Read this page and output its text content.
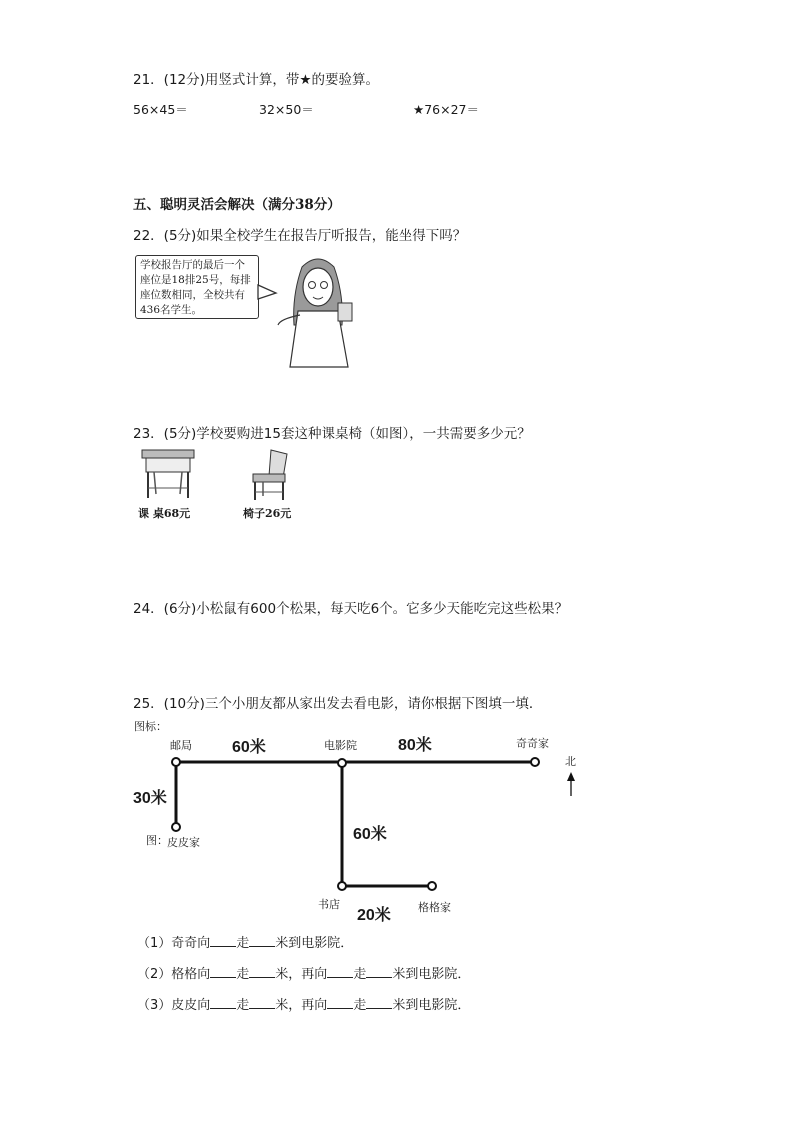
21．(12分)用竖式计算，带★的要验算。
56×45＝	32×50＝	★76×27＝
五、聪明灵活会解决（满分38分）
22．(5分)如果全校学生在报告厅听报告，能坐得下吗？
学校报告厅的最后一个座位是18排25号，每排座位数相同，全校共有436名学生。
23．(5分)学校要购进15套这种课桌椅（如图），一共需要多少元？
课 桌68元	椅子26元
24．(6分)小松鼠有600个松果，每天吃6个。它多少天能吃完这些松果？
25．(10分)三个小朋友都从家出发去看电影，请你根据下图填一填．
图标：
图：
邮局	电影院	奇奇家
皮皮家
书店	格格家
北
60米	80米
30米
60米
20米
（1）奇奇向 走 米到电影院．
（2）格格向 走 米，再向 走 米到电影院．
（3）皮皮向 走 米，再向 走 米到电影院．
